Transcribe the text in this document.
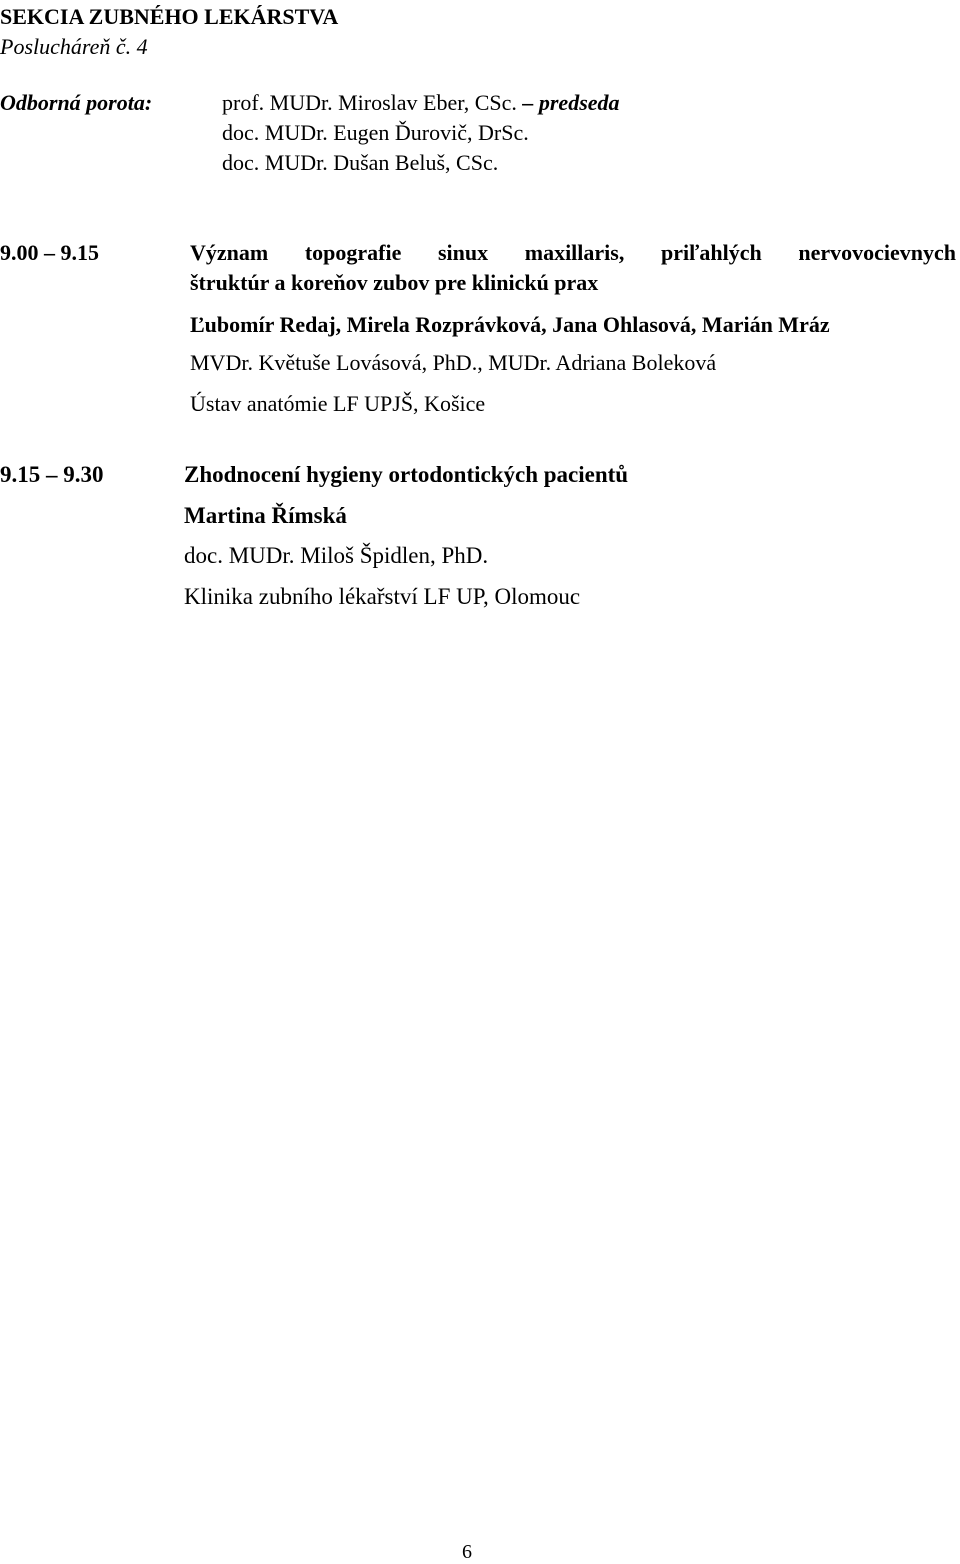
SEKCIA ZUBNÉHO LEKÁRSTVA
Poslucháreň č. 4
Odborná porota:	prof. MUDr. Miroslav Eber, CSc. – predseda
doc. MUDr. Eugen Ďurovič, DrSc.
doc. MUDr. Dušan Beluš, CSc.
9.00 – 9.15	Význam topografie sinux maxillaris, priľahlých nervovocievnych
štruktúr a koreňov zubov pre klinickú prax
Ľubomír Redaj, Mirela Rozprávková, Jana Ohlasová, Marián Mráz
MVDr. Květuše Lovásová, PhD., MUDr. Adriana Boleková
Ústav anatómie LF UPJŠ, Košice
9.15 – 9.30	Zhodnocení hygieny ortodontických pacientů
Martina Římská
doc. MUDr. Miloš Špidlen, PhD.
Klinika zubního lékařství LF UP, Olomouc
6
